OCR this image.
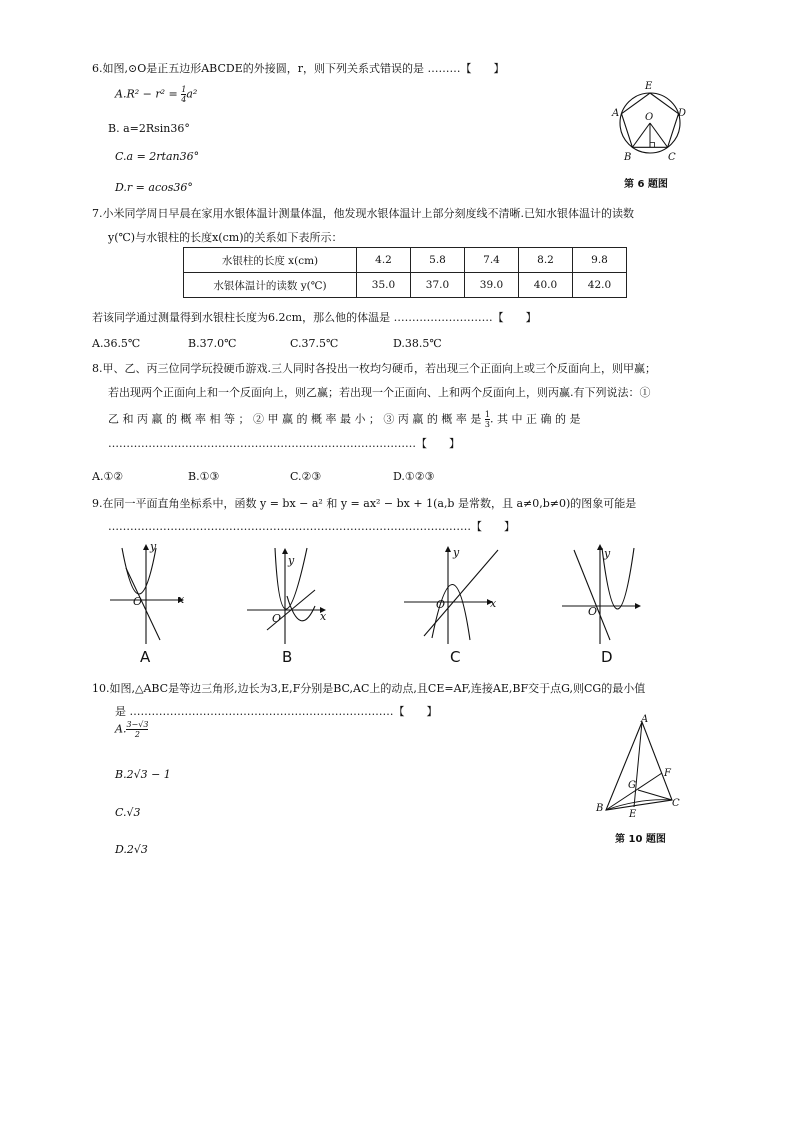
6.如图,⊙O是正五边形ABCDE的外接圆，r，则下列关系式错误的是 ………【　　】
$A.R^2 - r^2 = \frac{1}{4} a^2$
B. a=2Rsin36°
C.a = 2rtan36°
D.r = acos36°
E
D
A	O
B	C
第 6 题图
7.小米同学周日早晨在家用水银体温计测量体温，他发现水银体温计上部分刻度线不清晰.已知水银体温计的读数
y(℃)与水银柱的长度x(cm)的关系如下表所示：
水银柱的长度 x(cm)	4.2	5.8	7.4	8.2	9.8
水银体温计的读数 y(℃)	35.0	37.0	39.0	40.0	42.0
若该同学通过测量得到水银柱长度为6.2cm，那么他的体温是 ………………………【　　】
A.36.5℃	B.37.0℃	C.37.5℃	D.38.5℃
8.甲、乙、丙三位同学玩投硬币游戏.三人同时各投出一枚均匀硬币，若出现三个正面向上或三个反面向上，则甲赢；
若出现两个正面向上和一个反面向上，则乙赢；若出现一个正面向、上和两个反面向上，则丙赢.有下列说法：①
乙 和 丙 赢 的 概 率 相 等 ； ② 甲 赢 的 概 率 最 小 ； ③ 丙 赢 的 概 率 是 $\frac{1}{3}$ . 其 中 正 确 的 是
…………………………………………………………………………【　　】
A.①②	B.①③	C.②③	D.①②③
9.在同一平面直角坐标系中，函数 y = bx − a² 和 y = ax² − bx + 1(a,b 是常数，且 a≠0,b≠0)的图象可能是
………………………………………………………………………………………【　　】
y
x
O
A
y
x
O
B
y
x
O
C
y
O
D
10.如图,△ABC是等边三角形,边长为3,E,F分别是BC,AC上的动点,且CE=AF,连接AE,BF交于点G,则CG的最小值
是 ………………………………………………………………【　　】
A. $\frac{3-√3}{2}$
B.2√3 − 1
C.√3
D.2√3
A
F
G
B	C
E
第 10 题图
